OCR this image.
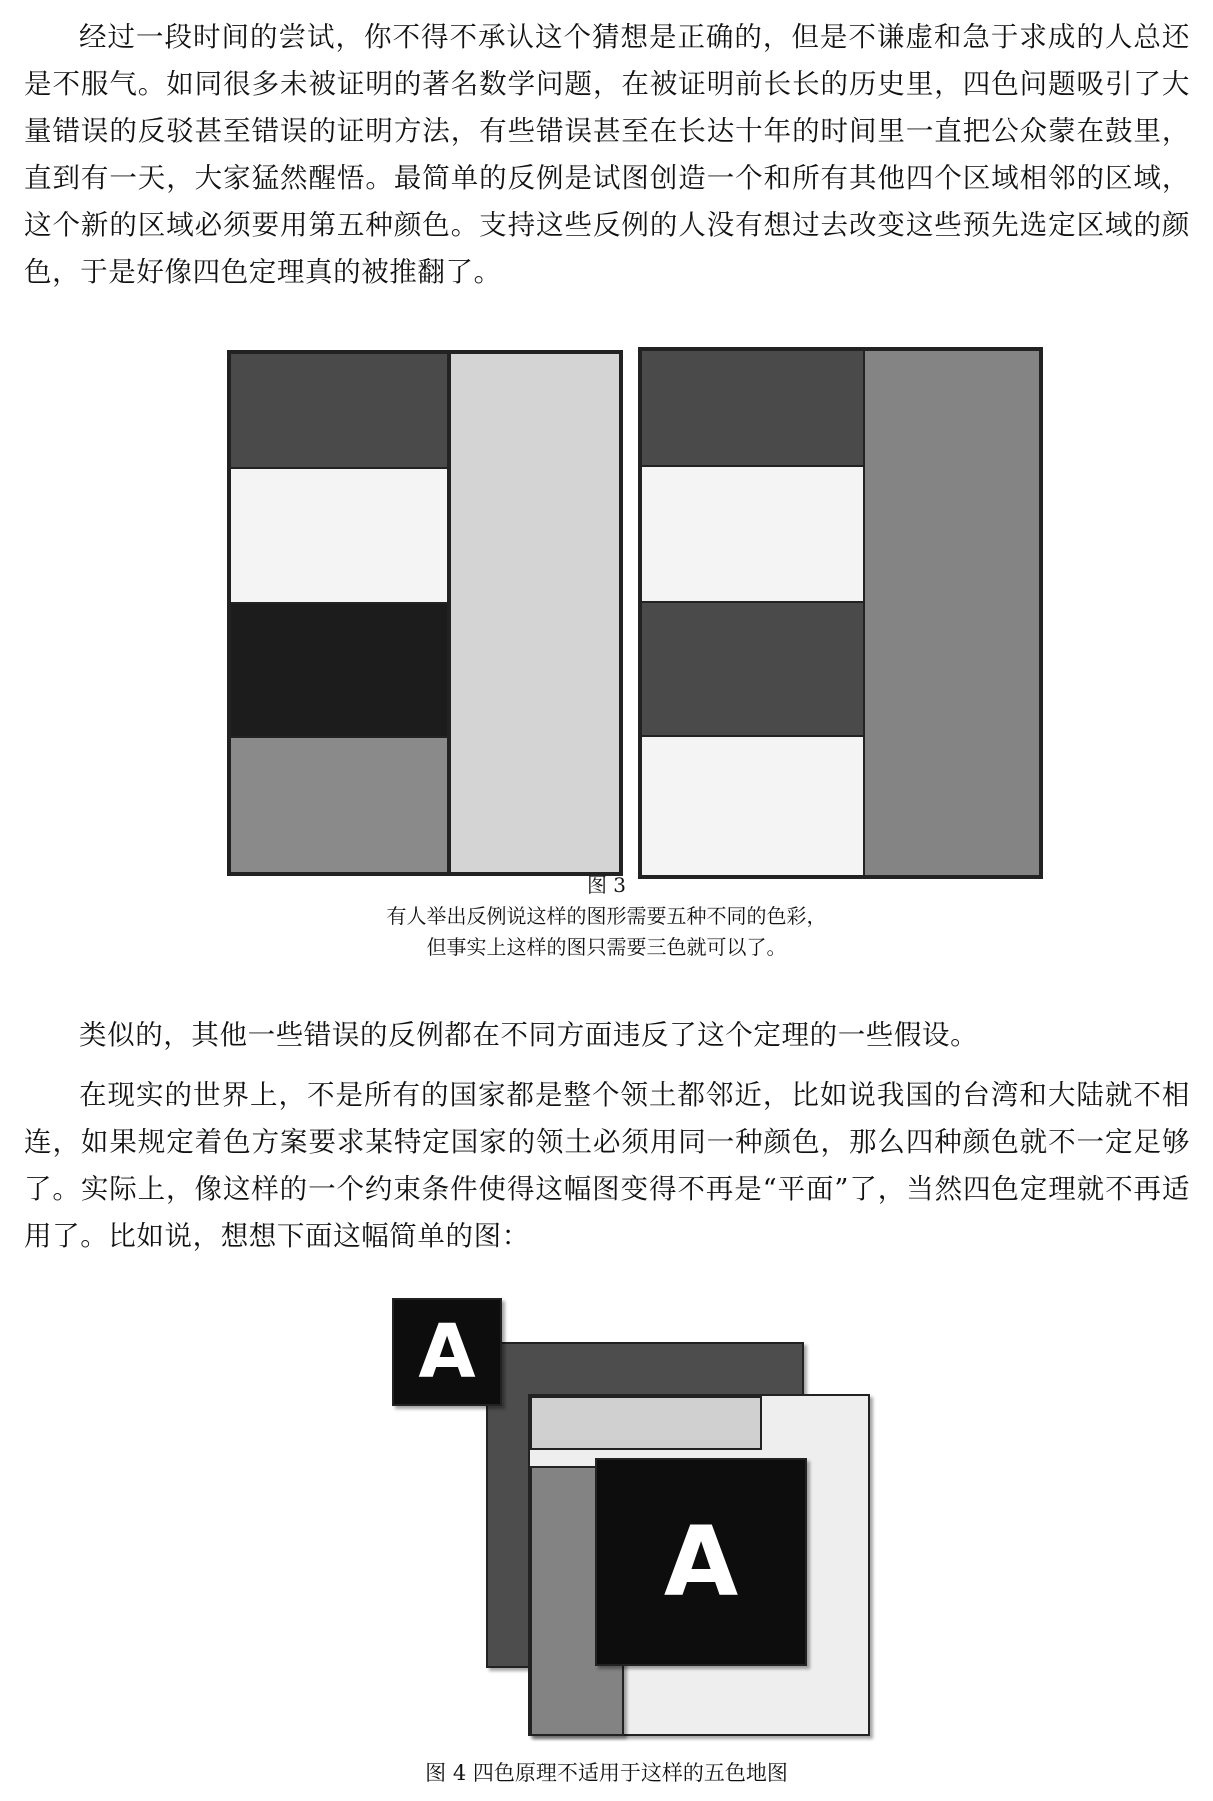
经过一段时间的尝试，你不得不承认这个猜想是正确的，但是不谦虚和急于求成的人总还是不服气。如同很多未被证明的著名数学问题，在被证明前长长的历史里，四色问题吸引了大量错误的反驳甚至错误的证明方法，有些错误甚至在长达十年的时间里一直把公众蒙在鼓里，直到有一天，大家猛然醒悟。最简单的反例是试图创造一个和所有其他四个区域相邻的区域，这个新的区域必须要用第五种颜色。支持这些反例的人没有想过去改变这些预先选定区域的颜色，于是好像四色定理真的被推翻了。

图 3
有人举出反例说这样的图形需要五种不同的色彩，
但事实上这样的图只需要三色就可以了。

类似的，其他一些错误的反例都在不同方面违反了这个定理的一些假设。

在现实的世界上，不是所有的国家都是整个领土都邻近，比如说我国的台湾和大陆就不相连，如果规定着色方案要求某特定国家的领土必须用同一种颜色，那么四种颜色就不一定足够了。实际上，像这样的一个约束条件使得这幅图变得不再是“平面”了，当然四色定理就不再适用了。比如说，想想下面这幅简单的图：

A
A
图 4 四色原理不适用于这样的五色地图
